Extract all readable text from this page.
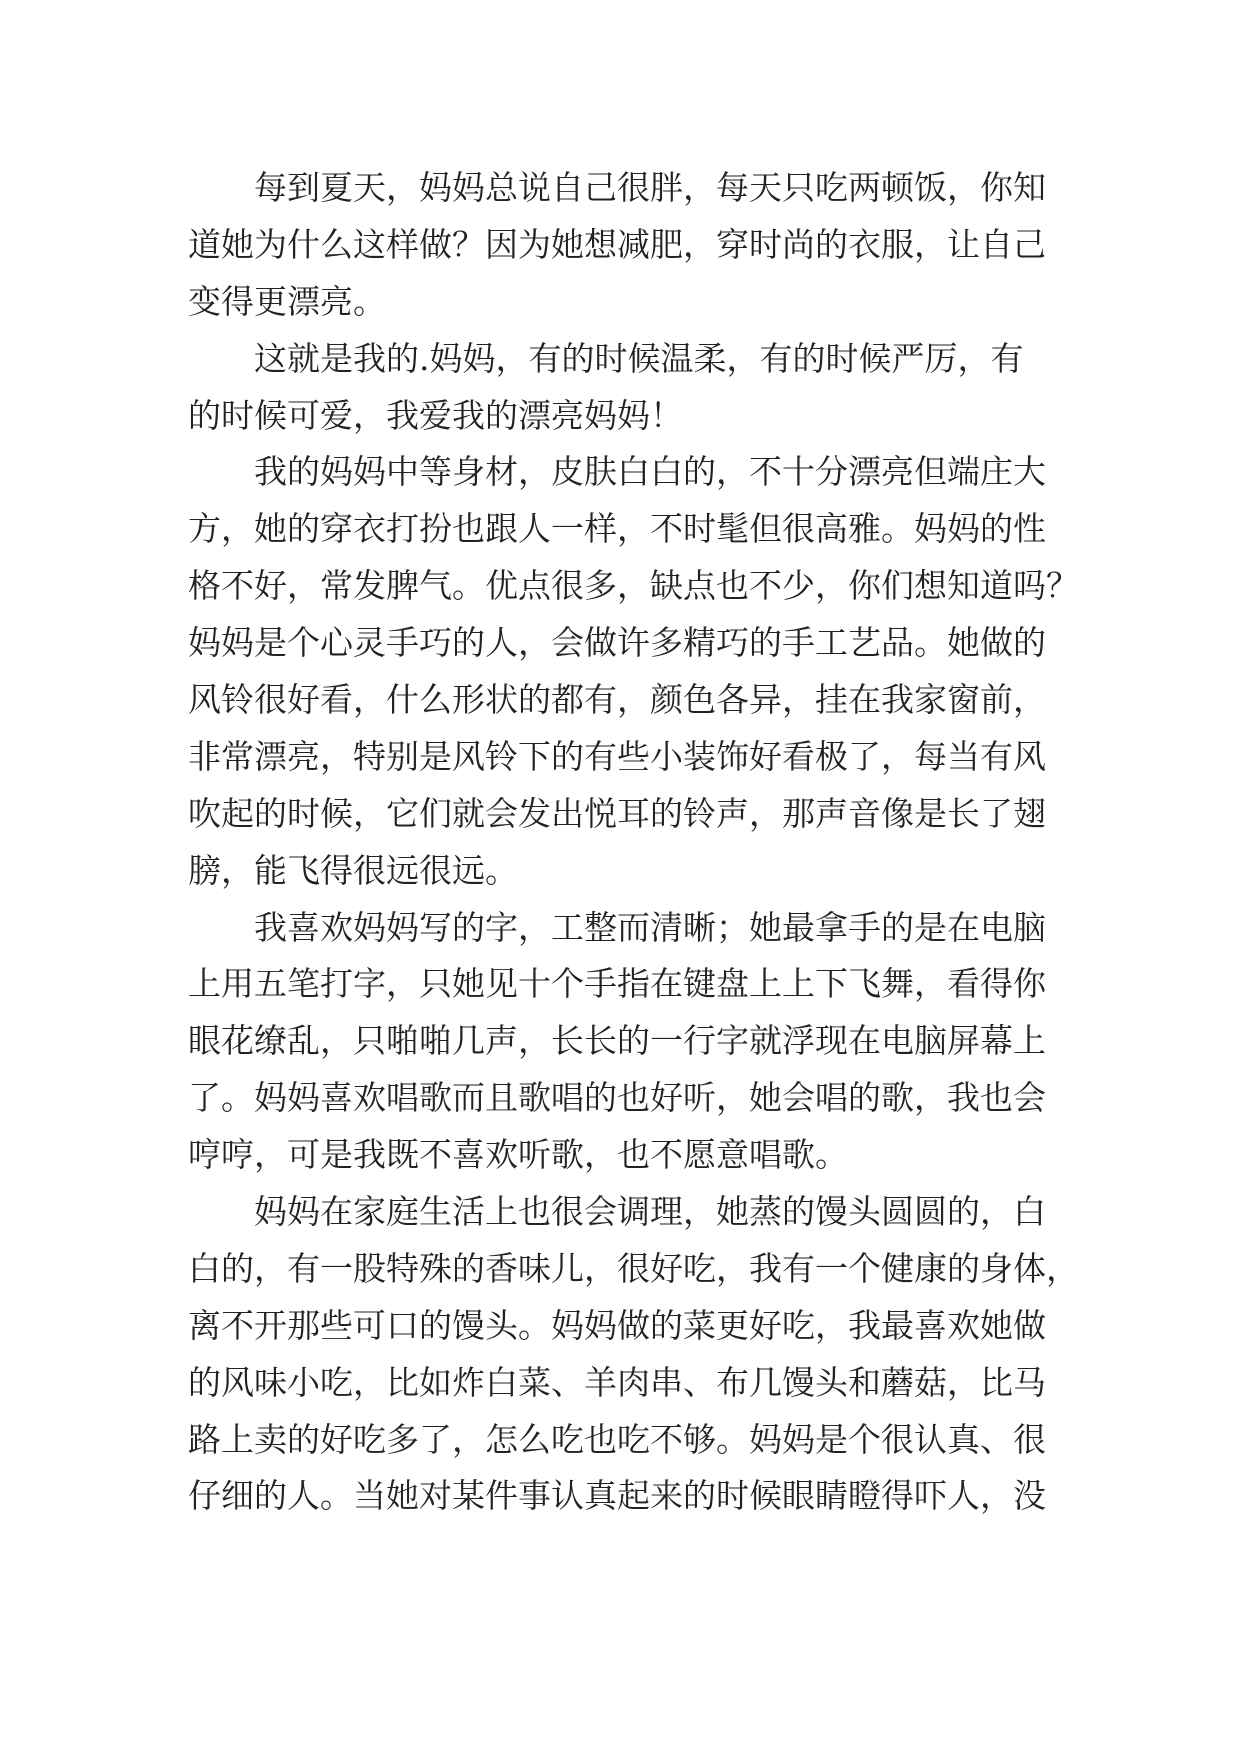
每到夏天，妈妈总说自己很胖，每天只吃两顿饭，你知
道她为什么这样做？因为她想减肥，穿时尚的衣服，让自己
变得更漂亮。
这就是我的.妈妈，有的时候温柔，有的时候严厉，有
的时候可爱，我爱我的漂亮妈妈！
我的妈妈中等身材，皮肤白白的，不十分漂亮但端庄大
方，她的穿衣打扮也跟人一样，不时髦但很高雅。妈妈的性
格不好，常发脾气。优点很多，缺点也不少，你们想知道吗？
妈妈是个心灵手巧的人，会做许多精巧的手工艺品。她做的
风铃很好看，什么形状的都有，颜色各异，挂在我家窗前，
非常漂亮，特别是风铃下的有些小装饰好看极了，每当有风
吹起的时候，它们就会发出悦耳的铃声，那声音像是长了翅
膀，能飞得很远很远。
我喜欢妈妈写的字，工整而清晰；她最拿手的是在电脑
上用五笔打字，只她见十个手指在键盘上上下飞舞，看得你
眼花缭乱，只啪啪几声，长长的一行字就浮现在电脑屏幕上
了。妈妈喜欢唱歌而且歌唱的也好听，她会唱的歌，我也会
哼哼，可是我既不喜欢听歌，也不愿意唱歌。
妈妈在家庭生活上也很会调理，她蒸的馒头圆圆的，白
白的，有一股特殊的香味儿，很好吃，我有一个健康的身体，
离不开那些可口的馒头。妈妈做的菜更好吃，我最喜欢她做
的风味小吃，比如炸白菜、羊肉串、布几馒头和蘑菇，比马
路上卖的好吃多了，怎么吃也吃不够。妈妈是个很认真、很
仔细的人。当她对某件事认真起来的时候眼睛瞪得吓人，没
